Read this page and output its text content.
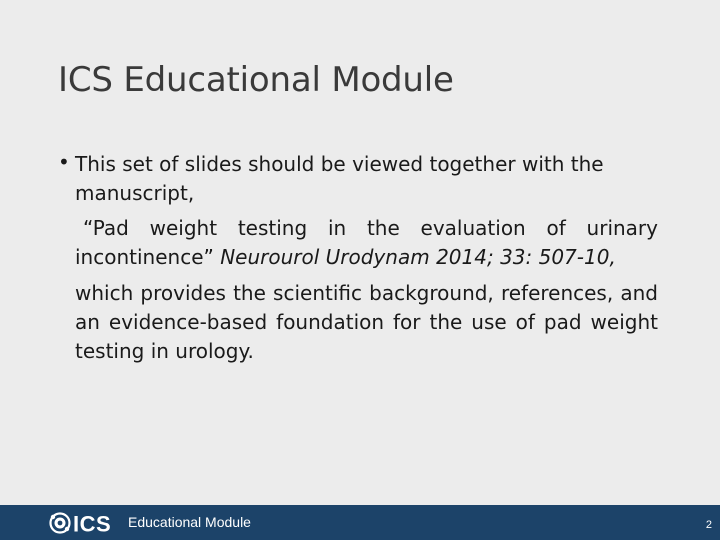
ICS Educational Module
• This set of slides should be viewed together with the manuscript,

“Pad weight testing in the evaluation of urinary
incontinence” Neurourol Urodynam 2014; 33: 507-10,

which provides the scientific background, references, and an evidence-based foundation for the use of pad weight testing in urology.

ICS Educational Module	2
